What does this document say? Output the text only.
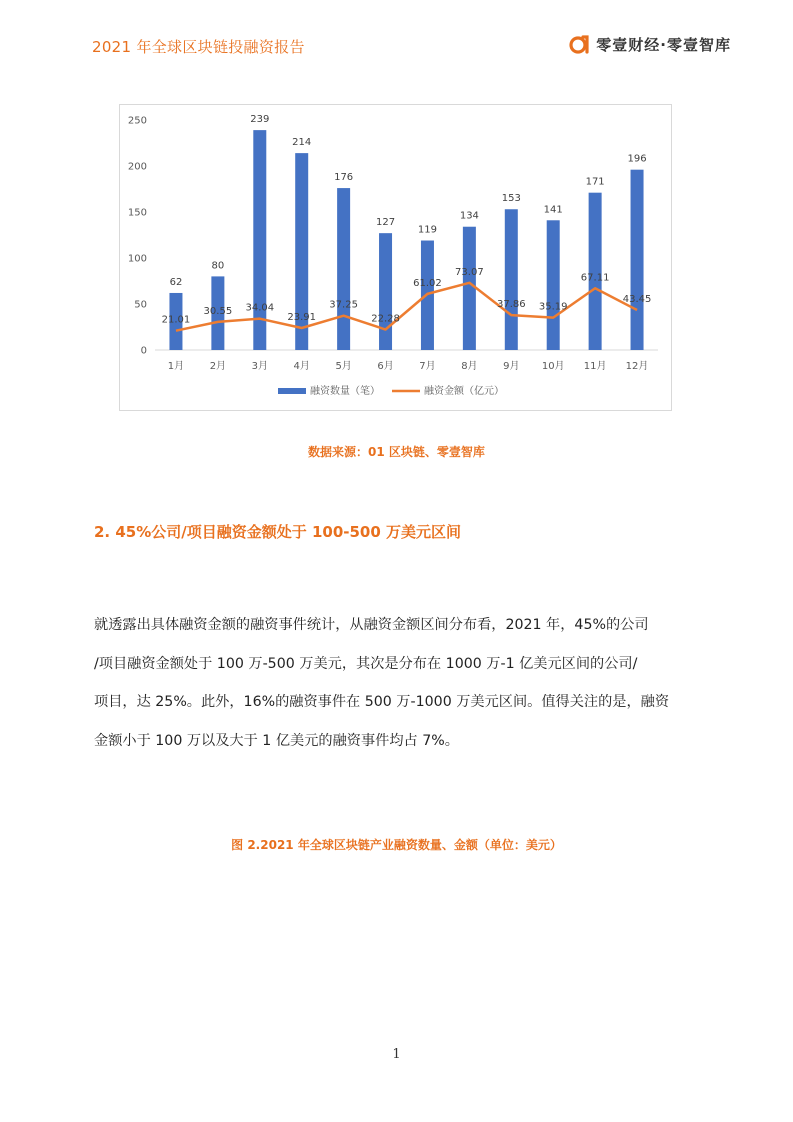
2021 年全球区块链投融资报告	零壹财经·零壹智库
0
50
100
150
200
250
62
80
239
214
176
127
119
134
153
141
171
196
21.01
30.55 34.04
23.91
37.25
22.28
61.02
73.07
37.86 35.19
67.11
43.45
1月	2月	3月	4月	5月	6月	7月	8月	9月 10月 11月 12月
融资数量（笔）	融资金额（亿元）
数据来源：01 区块链、零壹智库
2. 45%公司/项目融资金额处于 100-500 万美元区间

就透露出具体融资金额的融资事件统计，从融资金额区间分布看，2021 年，45%的公司

/项目融资金额处于 100 万-500 万美元，其次是分布在 1000 万-1 亿美元区间的公司/

项目，达 25%。此外，16%的融资事件在 500 万-1000 万美元区间。值得关注的是，融资

金额小于 100 万以及大于 1 亿美元的融资事件均占 7%。

图 2.2021 年全球区块链产业融资数量、金额（单位：美元）
1
